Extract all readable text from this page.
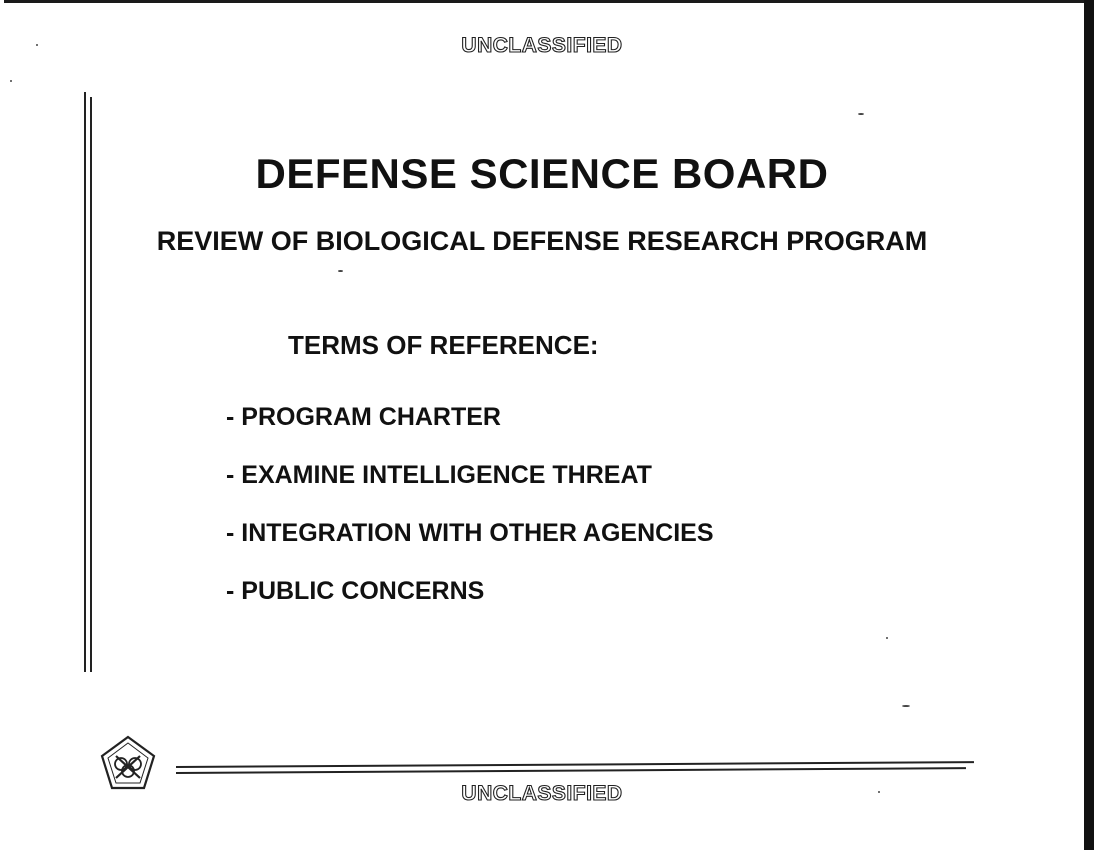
UNCLASSIFIED
DEFENSE SCIENCE BOARD
REVIEW OF BIOLOGICAL DEFENSE RESEARCH PROGRAM
TERMS OF REFERENCE:
- PROGRAM CHARTER
- EXAMINE INTELLIGENCE THREAT
- INTEGRATION WITH OTHER AGENCIES
- PUBLIC CONCERNS
UNCLASSIFIED
